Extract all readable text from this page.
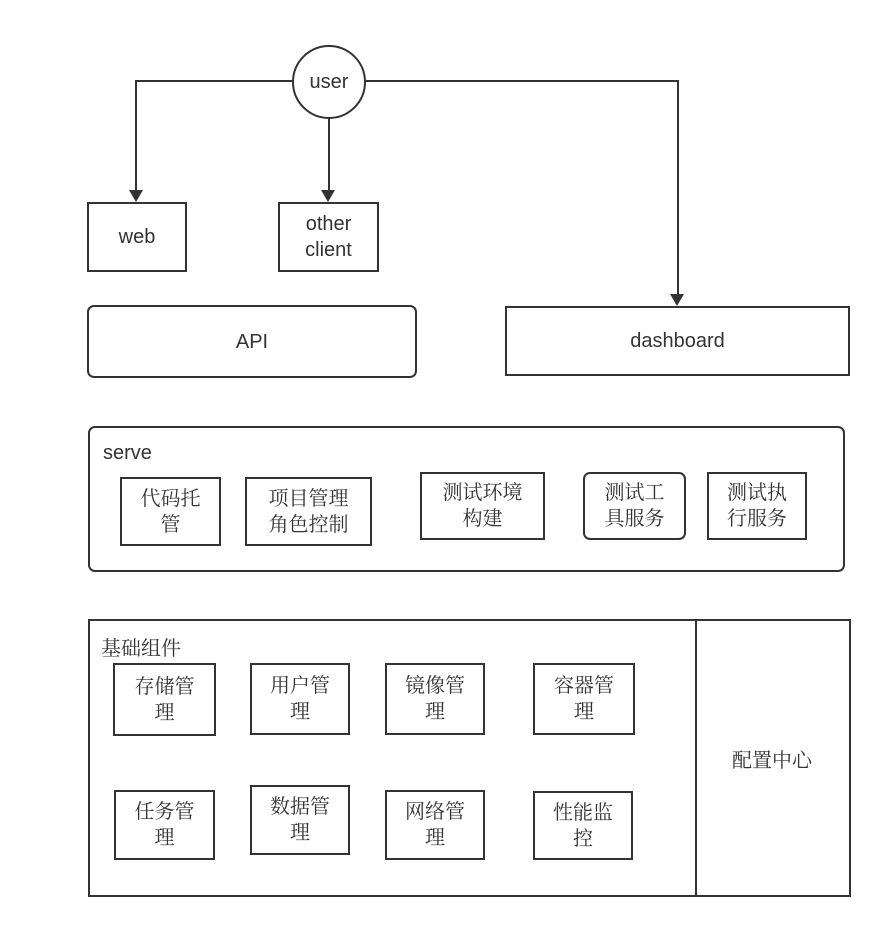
user
web
other
client
API	dashboard
serve
代码托
管
项目管理
角色控制
测试环境
构建
测试工
具服务
测试执
行服务
基础组件
存储管
理
用户管
理
镜像管
理
容器管
理
任务管
理
数据管
理
网络管
理
性能监
控
配置中心
